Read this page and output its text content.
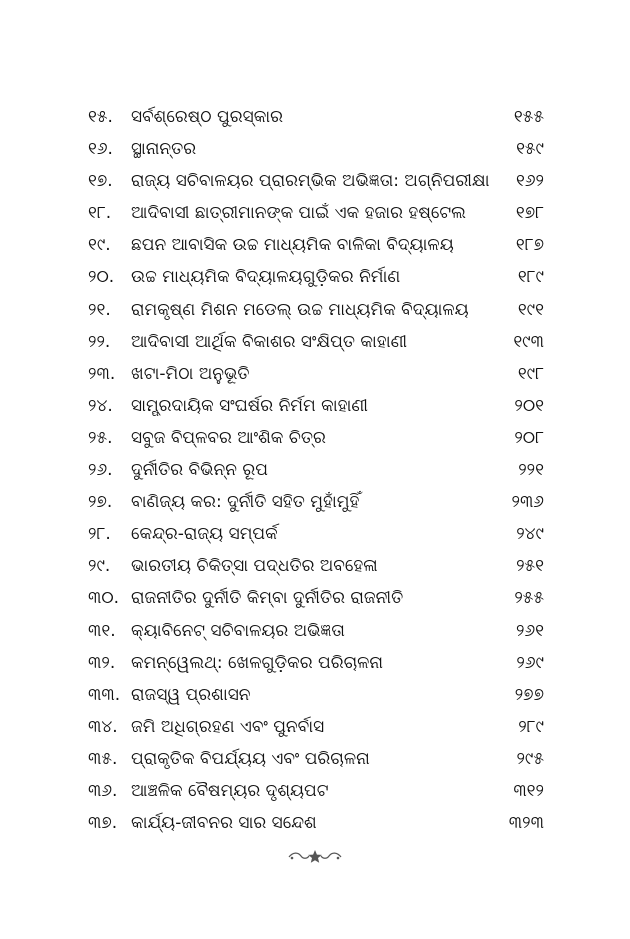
୧୫. ସର୍ବଶ୍ରେଷ୍ଠ ପୁରସ୍କାର	୧୫୫
୧୬. ସ୍ଥାନାନ୍ତର	୧୫୯
୧୭. ରାଜ୍ୟ ସଚିବାଳୟର ପ୍ରାରମ୍ଭିକ ଅଭିଜ୍ଞତା: ଅଗ୍ନିପରୀକ୍ଷା ୧୬୨
୧୮. ଆଦିବାସୀ ଛାତ୍ରୀମାନଙ୍କ ପାଇଁ ଏକ ହଜାର ହଷ୍ଟେଲ	୧୭୮
୧୯. ଛପନ ଆବାସିକ ଉଚ୍ଚ ମାଧ୍ୟମିକ ବାଳିକା ବିଦ୍ୟାଳୟ	୧୮୭
୨୦. ଉଚ୍ଚ ମାଧ୍ୟମିକ ବିଦ୍ୟାଳୟଗୁଡ଼ିକର ନିର୍ମାଣ	୧୮୯
୨୧. ରାମକୃଷ୍ଣ ମିଶନ ମଡେଲ୍ ଉଚ୍ଚ ମାଧ୍ୟମିକ ବିଦ୍ୟାଳୟ	୧୯୧
୨୨. ଆଦିବାସୀ ଆର୍ଥିକ ବିକାଶର ସଂକ୍ଷିପ୍ତ କାହାଣୀ	୧୯୩
୨୩. ଖଟା-ମିଠା ଅନୁଭୂତି	୧୯୮
୨୪. ସାମ୍ପ୍ରଦାୟିକ ସଂଘର୍ଷର ନିର୍ମମ କାହାଣୀ	୨୦୧
୨୫. ସବୁଜ ବିପ୍ଳବର ଆଂଶିକ ଚିତ୍ର	୨୦୮
୨୬. ଦୁର୍ନୀତିର ବିଭିନ୍ନ ରୂପ	୨୨୧
୨୭. ବାଣିଜ୍ୟ କର: ଦୁର୍ନୀତି ସହିତ ମୁହାଁମୁହିଁ	୨୩୬
୨୮. କେନ୍ଦ୍ର-ରାଜ୍ୟ ସମ୍ପର୍କ	୨୪୯
୨୯. ଭାରତୀୟ ଚିକିତ୍ସା ପଦ୍ଧତିର ଅବହେଳା	୨୫୧
୩୦. ରାଜନୀତିର ଦୁର୍ନୀତି କିମ୍ବା ଦୁର୍ନୀତିର ରାଜନୀତି	୨୫୫
୩୧. କ୍ୟାବିନେଟ୍ ସଚିବାଳୟର ଅଭିଜ୍ଞତା	୨୬୧
୩୨. କମନ୍‌ୱେଲଥ୍: ଖେଳଗୁଡ଼ିକର ପରିଚାଳନା	୨୬୯
୩୩. ରାଜସ୍ୱ ପ୍ରଶାସନ	୨୭୭
୩୪. ଜମି ଅଧିଗ୍ରହଣ ଏବଂ ପୁନର୍ବାସ	୨୮୯
୩୫. ପ୍ରାକୃତିକ ବିପର୍ଯ୍ୟୟ ଏବଂ ପରିଚାଳନା	୨୯୫
୩୬. ଆଞ୍ଚଳିକ ବୈଷମ୍ୟର ଦୃଶ୍ୟପଟ	୩୧୨
୩୭. କାର୍ଯ୍ୟ-ଜୀବନର ସାର ସନ୍ଦେଶ	୩୨୩
